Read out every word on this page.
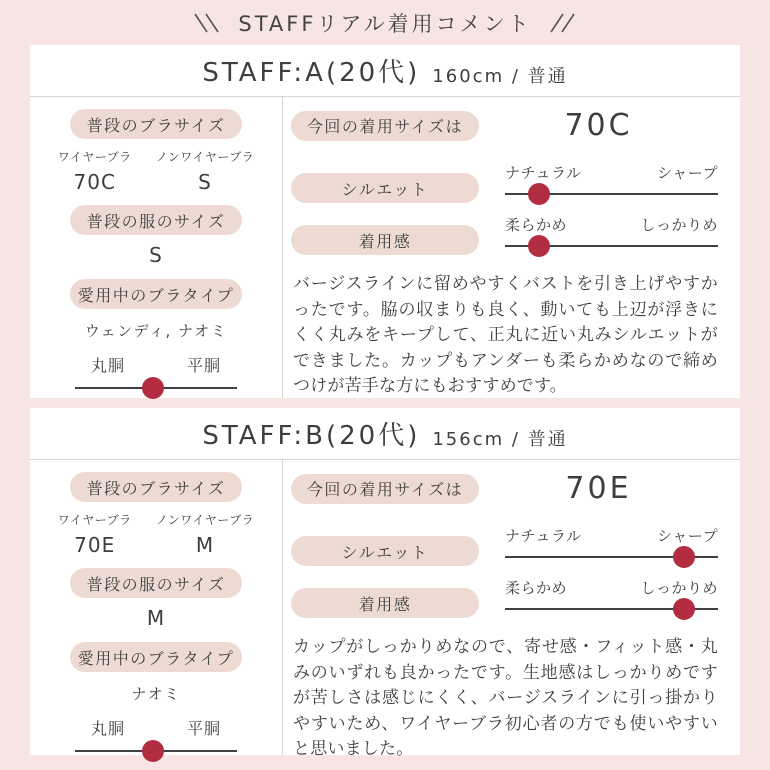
STAFFリアル着用コメント
STAFF:A(20代) 160cm / 普通
普段のブラサイズ
ワイヤーブラ
70C
ノンワイヤーブラ
S
普段の服のサイズ
S
愛用中のブラタイプ
ウェンディ, ナオミ
丸胴	平胴
今回の着用サイズは	70C
シルエット
ナチュラル	シャープ
着用感
柔らかめ	しっかりめ

バージスラインに留めやすくバストを引き上げやすかったです。脇の収まりも良く、動いても上辺が浮きにくく丸みをキープして、正丸に近い丸みシルエットができました。カップもアンダーも柔らかめなので締めつけが苦手な方にもおすすめです。

STAFF:B(20代) 156cm / 普通
普段のブラサイズ
ワイヤーブラ
70E
ノンワイヤーブラ
M
普段の服のサイズ
M
愛用中のブラタイプ
ナオミ
丸胴	平胴
今回の着用サイズは	70E
シルエット
ナチュラル	シャープ
着用感
柔らかめ	しっかりめ

カップがしっかりめなので、寄せ感・フィット感・丸みのいずれも良かったです。生地感はしっかりめですが苦しさは感じにくく、バージスラインに引っ掛かりやすいため、ワイヤーブラ初心者の方でも使いやすいと思いました。
